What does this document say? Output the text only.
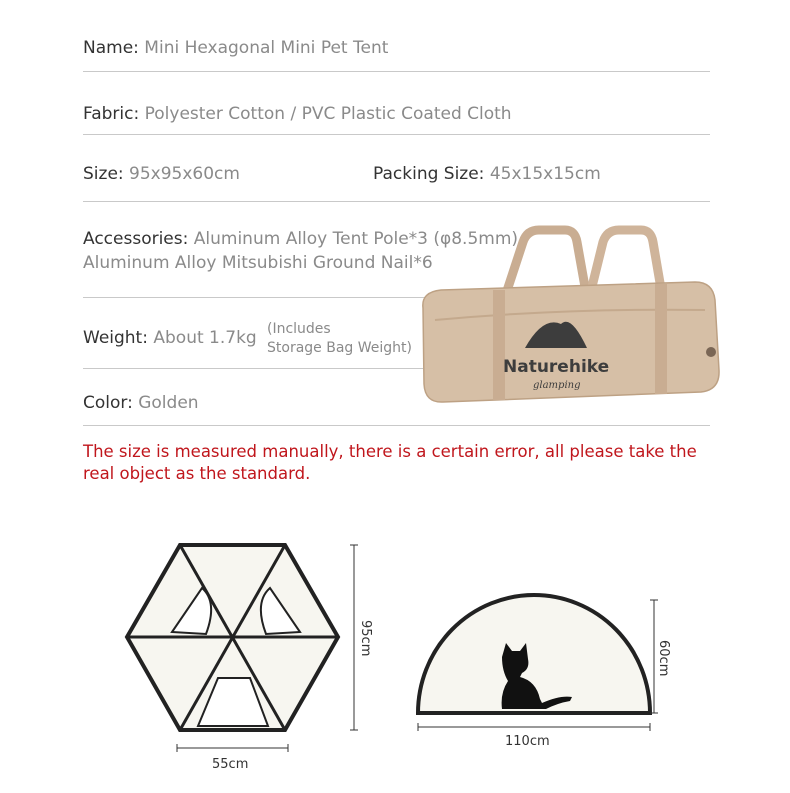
Name: Mini Hexagonal Mini Pet Tent
Fabric: Polyester Cotton / PVC Plastic Coated Cloth
Size: 95x95x60cm	Packing Size: 45x15x15cm
Accessories: Aluminum Alloy Tent Pole*3 (φ8.5mm)
Aluminum Alloy Mitsubishi Ground Nail*6
Weight: About 1.7kg (Includes
Storage Bag Weight)
Color: Golden
The size is measured manually, there is a certain error, all please take the real object as the standard.
Naturehike
glamping
95cm
55cm
60cm
110cm
